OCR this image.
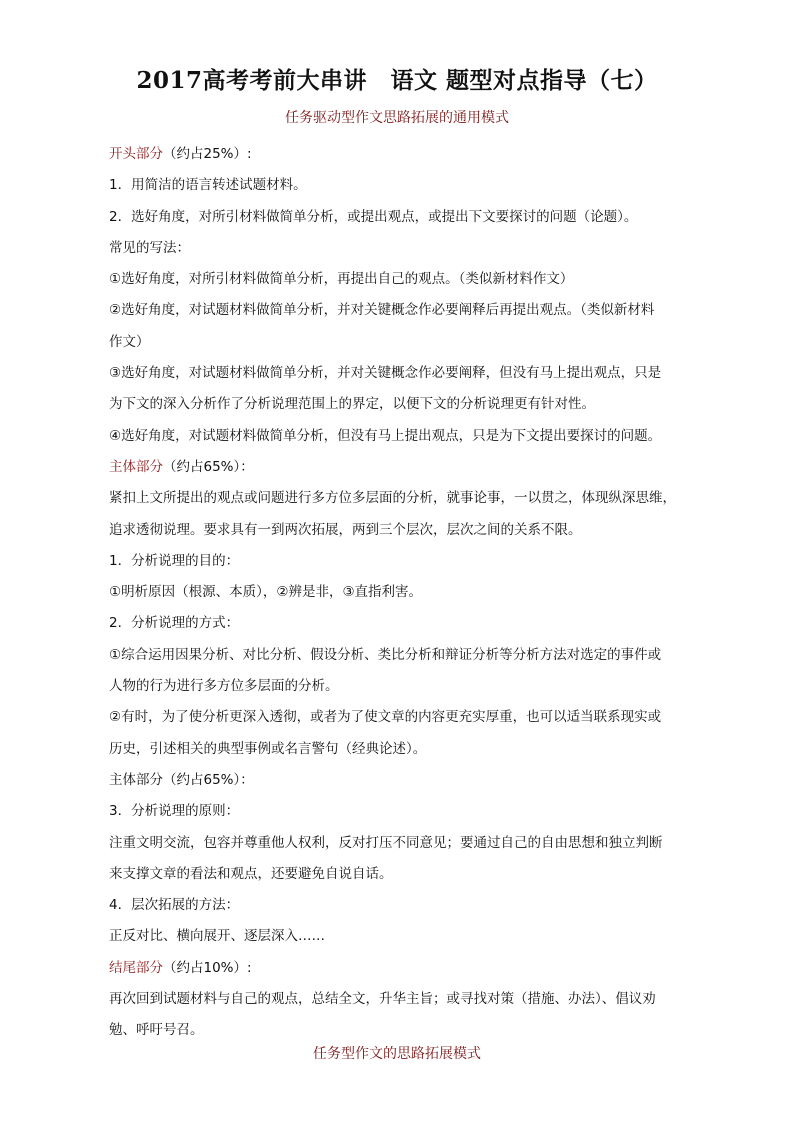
2017高考考前大串讲　语文 题型对点指导（七）
任务驱动型作文思路拓展的通用模式
开头部分（约占25%）:
1．用简洁的语言转述试题材料。
2．选好角度，对所引材料做简单分析，或提出观点，或提出下文要探讨的问题（论题）。
常见的写法：
①选好角度，对所引材料做简单分析，再提出自己的观点。（类似新材料作文）
②选好角度，对试题材料做简单分析，并对关键概念作必要阐释后再提出观点。（类似新材料
作文）
③选好角度，对试题材料做简单分析，并对关键概念作必要阐释，但没有马上提出观点，只是
为下文的深入分析作了分析说理范围上的界定，以便下文的分析说理更有针对性。
④选好角度，对试题材料做简单分析，但没有马上提出观点，只是为下文提出要探讨的问题。
主体部分（约占65%）：
紧扣上文所提出的观点或问题进行多方位多层面的分析，就事论事，一以贯之，体现纵深思维，
追求透彻说理。要求具有一到两次拓展，两到三个层次，层次之间的关系不限。
1．分析说理的目的：
①明析原因（根源、本质），②辨是非，③直指利害。
2．分析说理的方式：
①综合运用因果分析、对比分析、假设分析、类比分析和辩证分析等分析方法对选定的事件或
人物的行为进行多方位多层面的分析。
②有时，为了使分析更深入透彻，或者为了使文章的内容更充实厚重，也可以适当联系现实或
历史，引述相关的典型事例或名言警句（经典论述）。
主体部分（约占65%）：
3．分析说理的原则：
注重文明交流，包容并尊重他人权利，反对打压不同意见；要通过自己的自由思想和独立判断
来支撑文章的看法和观点，还要避免自说自话。
4．层次拓展的方法：
正反对比、横向展开、逐层深入……
结尾部分（约占10%）:
再次回到试题材料与自己的观点，总结全文，升华主旨；或寻找对策（措施、办法）、倡议劝
勉、呼吁号召。
任务型作文的思路拓展模式
